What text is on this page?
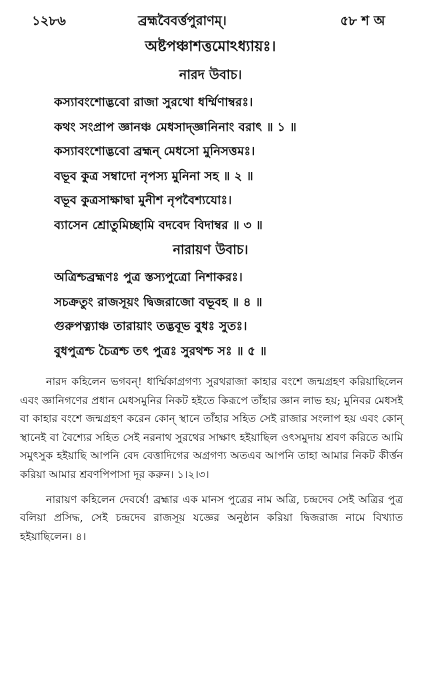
১২৮৬	ব্রহ্মবৈবর্ত্তপুরাণম্।	৫৮ শ অ
অষ্টপঞ্চাশত্তমোঽধ্যায়ঃ।
নারদ উবাচ।
কস্যাবংশোদ্ভবো রাজা সুরথো ধর্ম্মিণাম্বরঃ।
কথং সংপ্রাপ জ্ঞানঞ্চ মেধসাদ্জ্ঞানিনাং বরাৎ ॥ ১ ॥
কস্যাবংশোদ্ভবো ব্রহ্মন্ মেধসো মুনিসত্তমঃ।
বভূব কুত্র সম্বাদো নৃপস্য মুনিনা সহ ॥ ২ ॥
বভূব কুত্রসাক্ষাদ্বা মুনীশ নৃপবৈশ্যযোঃ।
ব্যাসেন শ্রোতুমিচ্ছামি বদবেদ বিদাম্বর ॥ ৩ ॥
নারায়ণ উবাচ।
অত্রিশ্চব্রহ্মণঃ পুত্র স্তস্যপুত্রো নিশাকরঃ।
সচক্রতুং রাজসূয়ং দ্বিজরাজো বভূবহ ॥ ৪ ॥
গুরুপত্ন্যাঞ্চ তারায়াং তদ্ভবূভ বুধঃ সুতঃ।
বুধপুত্রশ্চ চৈত্রশ্চ তৎ পুত্রঃ সুরথশ্চ সঃ ॥ ৫ ॥
নারদ কহিলেন ভগবন্! ধার্ম্মিকাগ্রগণ্য সুরথরাজা কাহার বংশে জন্মগ্রহণ করিয়াছিলেন এবং জ্ঞানিগণের প্রধান মেধসমুনির নিকট হইতে কিরূপে তাঁহার জ্ঞান লাভ হয়; মুনিবর মেধসই বা কাহার বংশে জন্মগ্রহণ করেন কোন্ স্থানে তাঁহার সহিত সেই রাজার সংলাপ হয় এবং কোন্ স্থানেই বা বৈশ্যের সহিত সেই নরনাথ সুরথের সাক্ষাৎ হইয়াছিল ওৎসমুদায় শ্রবণ করিতে আমি সমুৎসুক হইয়াছি আপনি বেদ বেত্তাদিগের অগ্রগণ্য অতএব আপনি তাহা আমার নিকট কীর্ত্তন করিয়া আমার শ্রবণপিপাসা দূর করুন। ১।২।৩।
নারায়ণ কহিলেন দেবর্ষে! ব্রহ্মার এক মানস পুত্রের নাম অত্রি, চন্দ্রদেব সেই অত্রির পুত্র বলিয়া প্রসিদ্ধ, সেই চন্দ্রদেব রাজসূয় যজ্ঞের অনুষ্ঠান করিয়া দ্বিজরাজ নামে বিখ্যাত হইয়াছিলেন। ৪।
